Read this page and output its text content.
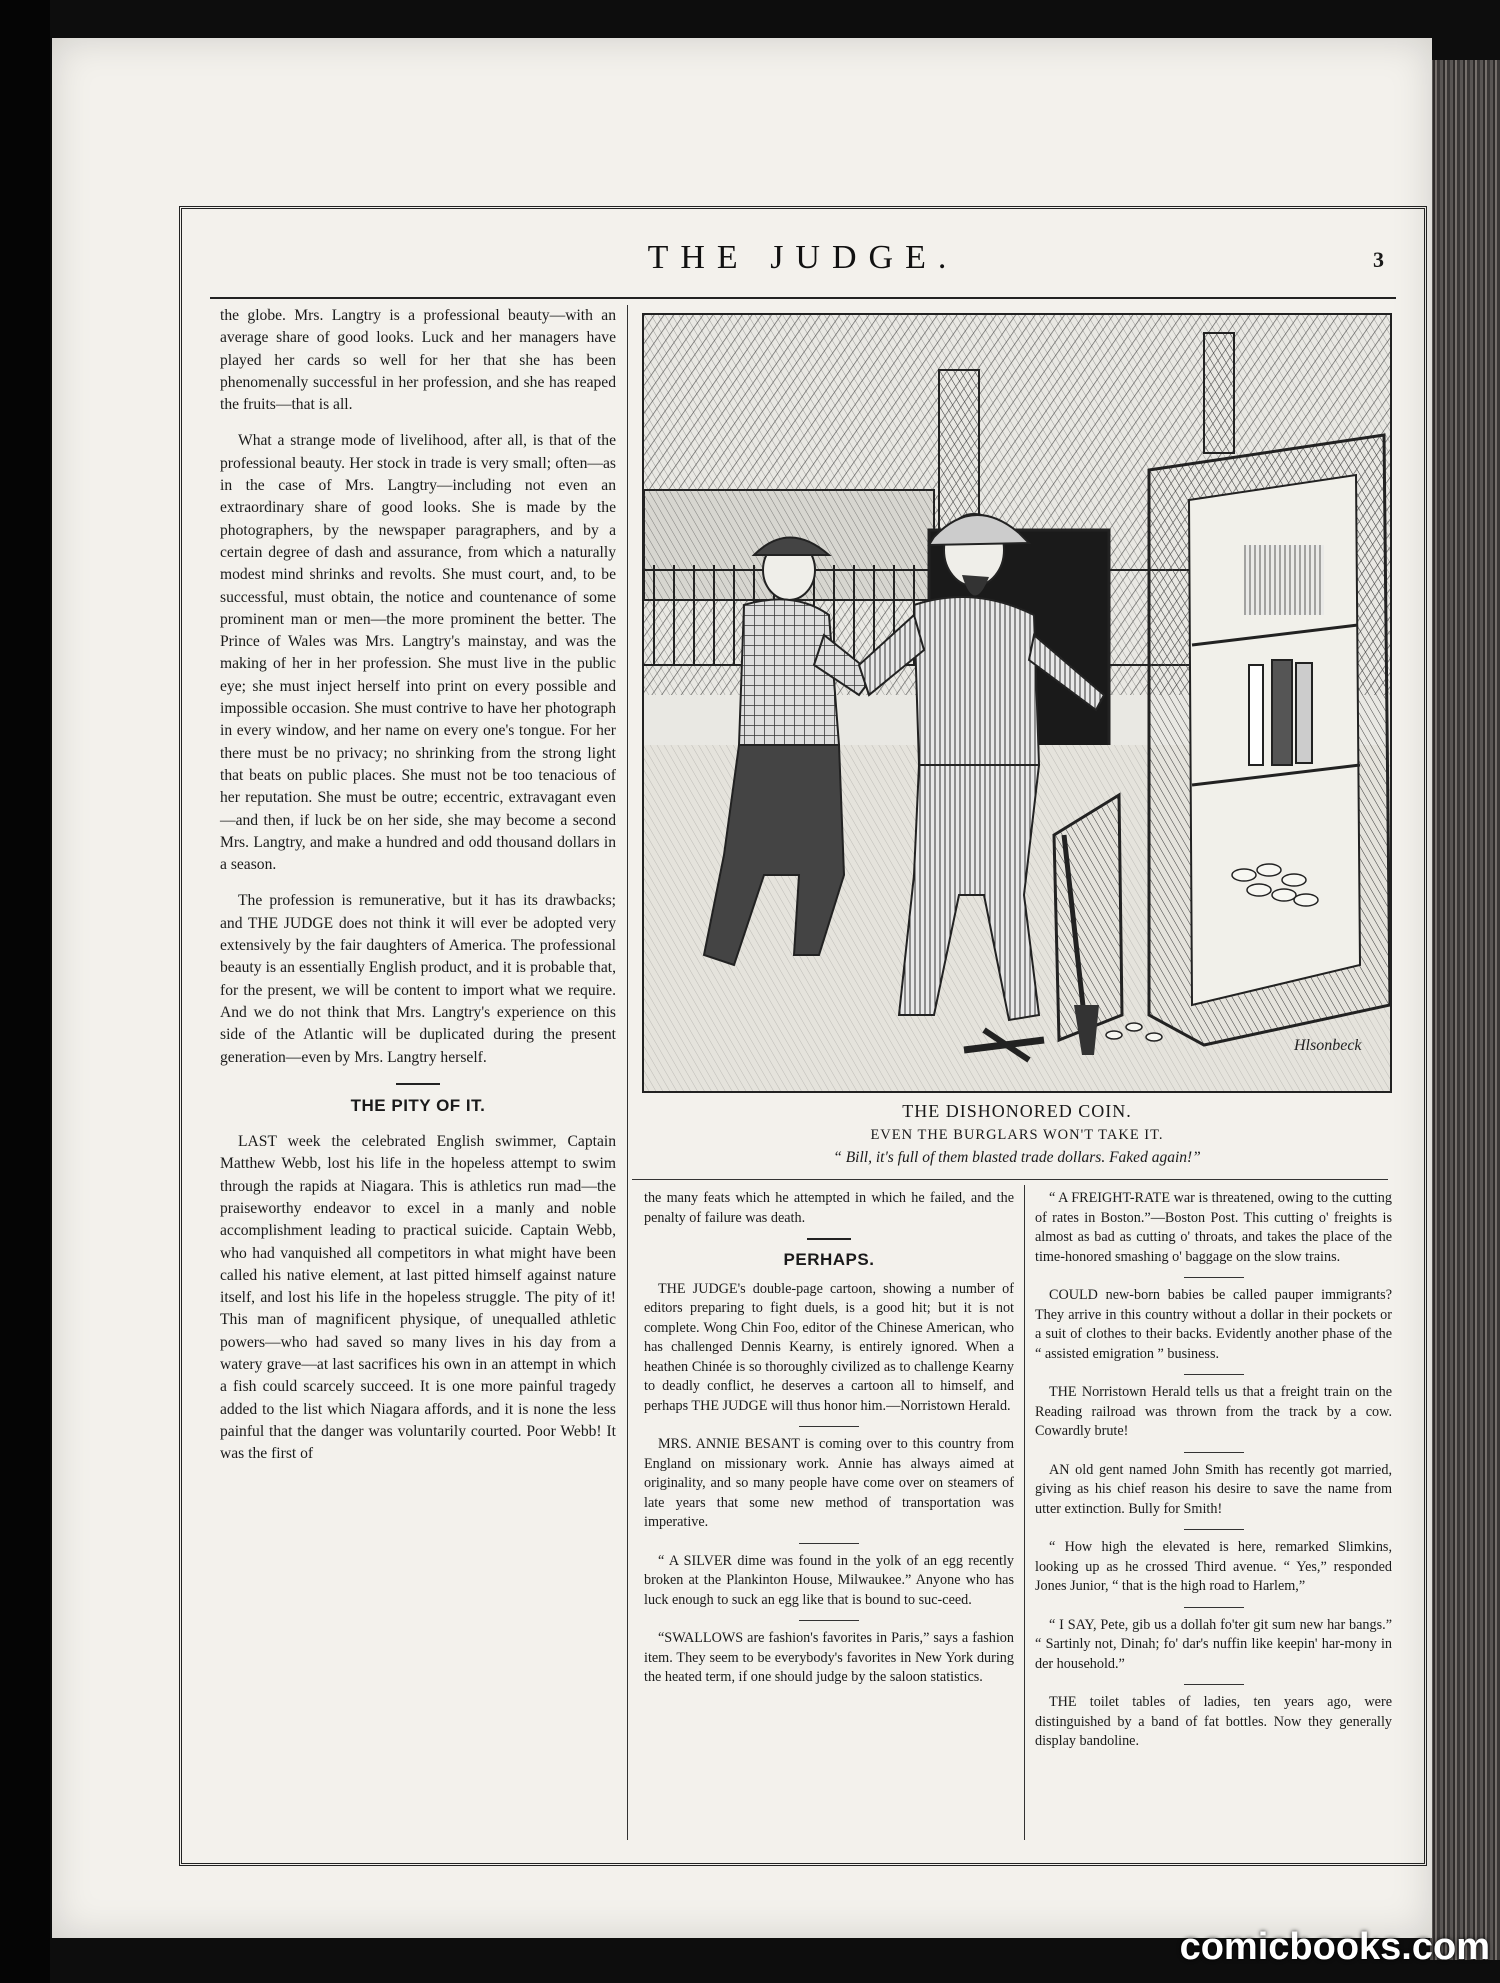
THE JUDGE.	3

the globe. Mrs. Langtry is a professional beauty—with an average share of good looks. Luck and her managers have played her cards so well for her that she has been phenomenally successful in her profession, and she has reaped the fruits—that is all.

What a strange mode of livelihood, after all, is that of the professional beauty. Her stock in trade is very small; often—as in the case of Mrs. Langtry—including not even an extraordinary share of good looks. She is made by the photographers, by the newspaper paragraphers, and by a certain degree of dash and assurance, from which a naturally modest mind shrinks and revolts. She must court, and, to be successful, must obtain, the notice and countenance of some prominent man or men—the more prominent the better. The Prince of Wales was Mrs. Langtry's mainstay, and was the making of her in her profession. She must live in the public eye; she must inject herself into print on every possible and impossible occasion. She must contrive to have her photograph in every window, and her name on every one's tongue. For her there must be no privacy; no shrinking from the strong light that beats on public places. She must not be too tenacious of her reputation. She must be outre; eccentric, extravagant even—and then, if luck be on her side, she may become a second Mrs. Langtry, and make a hundred and odd thousand dollars in a season.

The profession is remunerative, but it has its drawbacks; and THE JUDGE does not think it will ever be adopted very extensively by the fair daughters of America. The professional beauty is an essentially English product, and it is probable that, for the present, we will be content to import what we require. And we do not think that Mrs. Langtry's experience on this side of the Atlantic will be duplicated during the present generation—even by Mrs. Langtry herself.

THE PITY OF IT.

LAST week the celebrated English swimmer, Captain Matthew Webb, lost his life in the hopeless attempt to swim through the rapids at Niagara. This is athletics run mad—the praiseworthy endeavor to excel in a manly and noble accomplishment leading to practical suicide. Captain Webb, who had vanquished all competitors in what might have been called his native element, at last pitted himself against nature itself, and lost his life in the hopeless struggle. The pity of it! This man of magnificent physique, of unequalled athletic powers—who had saved so many lives in his day from a watery grave—at last sacrifices his own in an attempt in which a fish could scarcely succeed. It is one more painful tragedy added to the list which Niagara affords, and it is none the less painful that the danger was voluntarily courted. Poor Webb! It was the first of

Hlsonbeck
THE DISHONORED COIN.
EVEN THE BURGLARS WON'T TAKE IT.
“ Bill, it's full of them blasted trade dollars. Faked again!”

the many feats which he attempted in which he failed, and the penalty of failure was death.

PERHAPS.

THE JUDGE's double-page cartoon, showing a number of editors preparing to fight duels, is a good hit; but it is not complete. Wong Chin Foo, editor of the Chinese American, who has challenged Dennis Kearny, is entirely ignored. When a heathen Chinée is so thoroughly civilized as to challenge Kearny to deadly conflict, he deserves a cartoon all to himself, and perhaps THE JUDGE will thus honor him.—Norristown Herald.

MRS. ANNIE BESANT is coming over to this country from England on missionary work. Annie has always aimed at originality, and so many people have come over on steamers of late years that some new method of transportation was imperative.

“ A SILVER dime was found in the yolk of an egg recently broken at the Plankinton House, Milwaukee.” Anyone who has luck enough to suck an egg like that is bound to suc-ceed.

“SWALLOWS are fashion's favorites in Paris,” says a fashion item. They seem to be everybody's favorites in New York during the heated term, if one should judge by the saloon statistics.

“ A FREIGHT-RATE war is threatened, owing to the cutting of rates in Boston.”—Boston Post. This cutting o' freights is almost as bad as cutting o' throats, and takes the place of the time-honored smashing o' baggage on the slow trains.

COULD new-born babies be called pauper immigrants? They arrive in this country without a dollar in their pockets or a suit of clothes to their backs. Evidently another phase of the “ assisted emigration ” business.

THE Norristown Herald tells us that a freight train on the Reading railroad was thrown from the track by a cow. Cowardly brute!

AN old gent named John Smith has recently got married, giving as his chief reason his desire to save the name from utter extinction. Bully for Smith!

“ How high the elevated is here, remarked Slimkins, looking up as he crossed Third avenue. “ Yes,” responded Jones Junior, “ that is the high road to Harlem,”

“ I SAY, Pete, gib us a dollah fo'ter git sum new har bangs.” “ Sartinly not, Dinah; fo' dar's nuffin like keepin' har-mony in der household.”

THE toilet tables of ladies, ten years ago, were distinguished by a band of fat bottles. Now they generally display bandoline.

comicbooks.com
